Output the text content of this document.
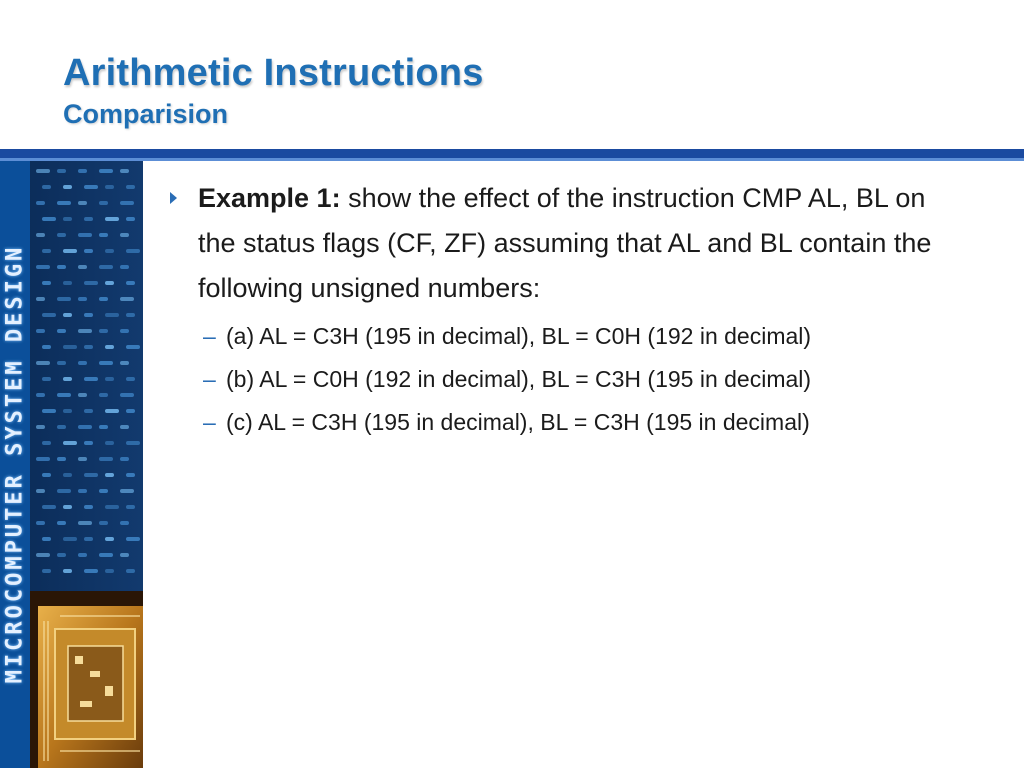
Arithmetic Instructions
Comparision
MICROCOMPUTER SYSTEM DESIGN
Example 1: show the effect of the instruction CMP AL, BL on the status flags (CF, ZF) assuming that AL and BL contain the following unsigned numbers:
– (a) AL = C3H (195 in decimal), BL = C0H (192 in decimal)
– (b) AL = C0H (192 in decimal), BL = C3H (195 in decimal)
– (c) AL = C3H (195 in decimal), BL = C3H (195 in decimal)
